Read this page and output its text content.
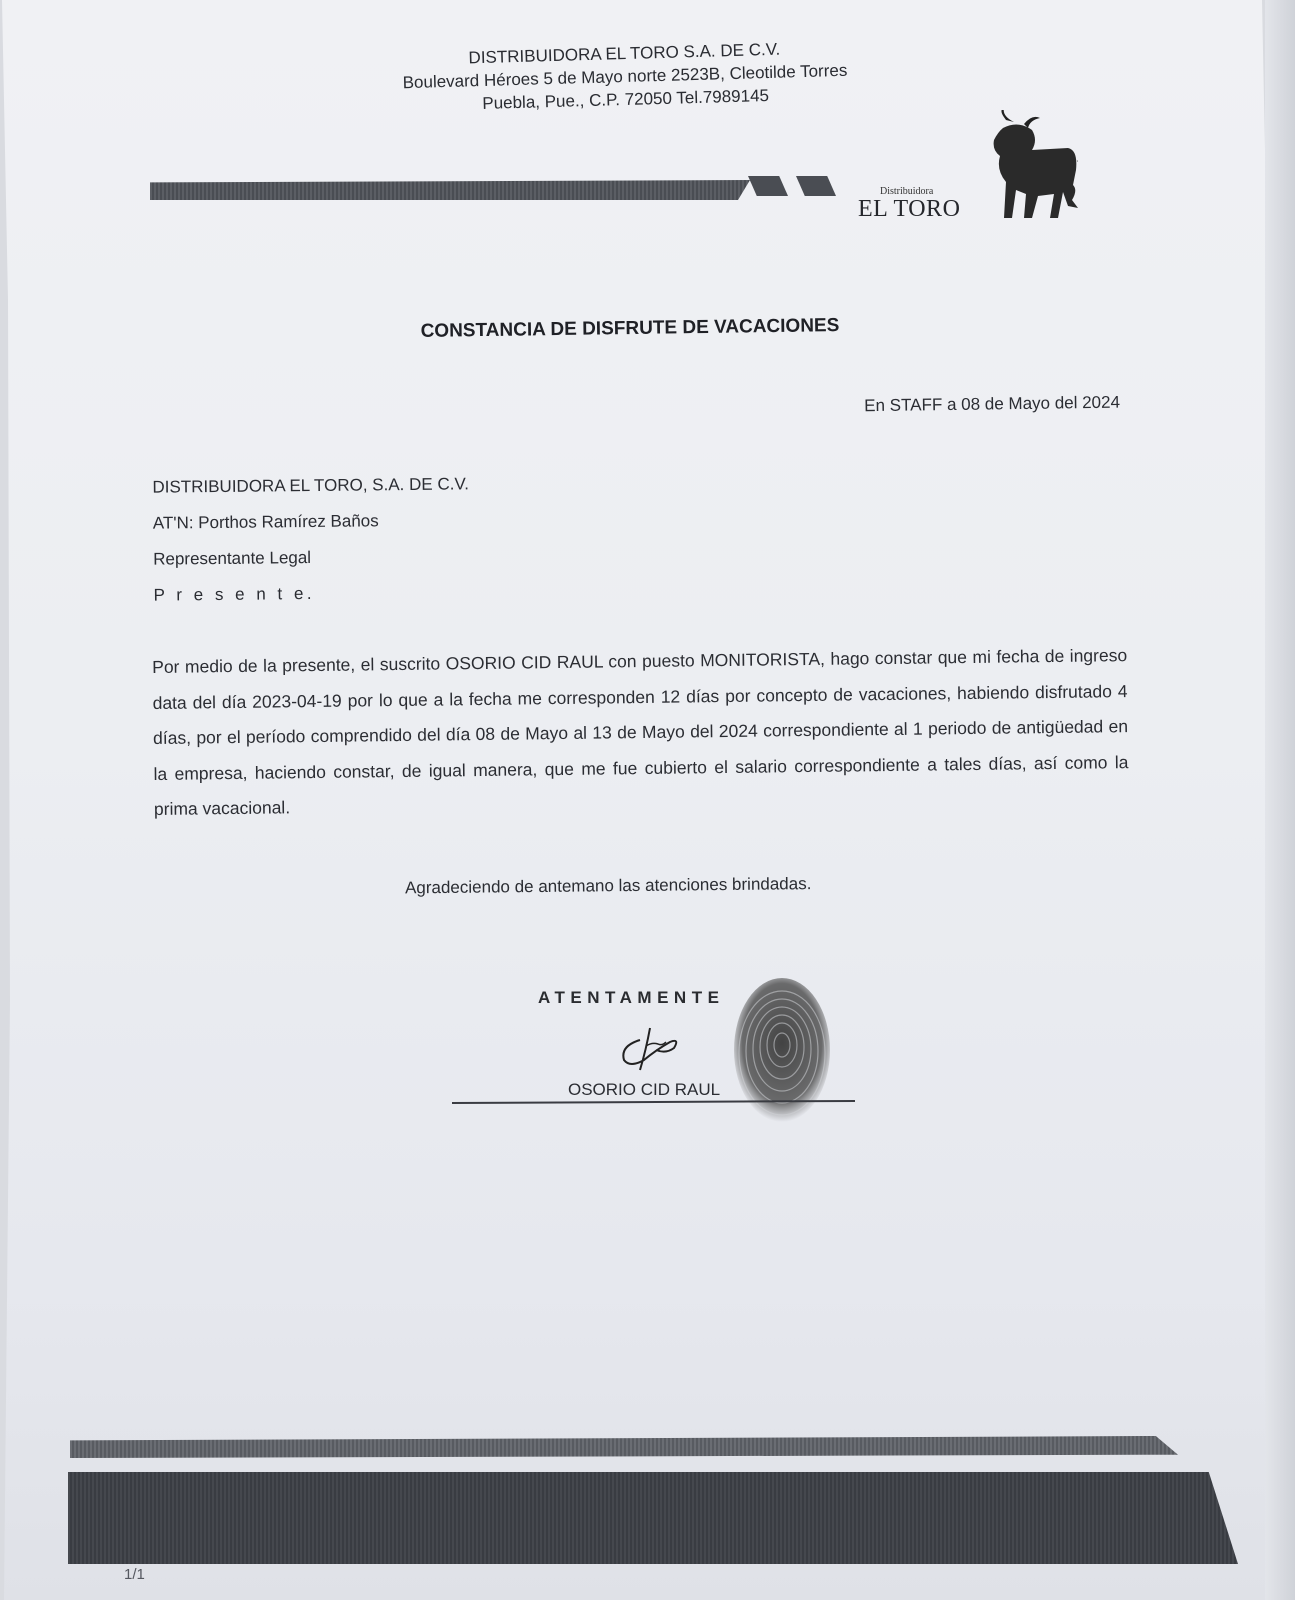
DISTRIBUIDORA EL TORO S.A. DE C.V.
Boulevard Héroes 5 de Mayo norte 2523B, Cleotilde Torres
Puebla, Pue., C.P. 72050 Tel.7989145
Distribuidora
EL TORO
CONSTANCIA DE DISFRUTE DE VACACIONES
En STAFF a 08 de Mayo del 2024
DISTRIBUIDORA EL TORO, S.A. DE C.V.
AT'N: Porthos Ramírez Baños
Representante Legal
P r e s e n t e.
Por medio de la presente, el suscrito OSORIO CID RAUL con puesto MONITORISTA, hago constar que mi fecha de ingreso data del día 2023-04-19 por lo que a la fecha me corresponden 12 días por concepto de vacaciones, habiendo disfrutado 4 días, por el período comprendido del día 08 de Mayo al 13 de Mayo del 2024 correspondiente al 1 periodo de antigüedad en la empresa, haciendo constar, de igual manera, que me fue cubierto el salario correspondiente a tales días, así como la prima vacacional.
Agradeciendo de antemano las atenciones brindadas.
ATENTAMENTE
OSORIO CID RAUL
1/1
